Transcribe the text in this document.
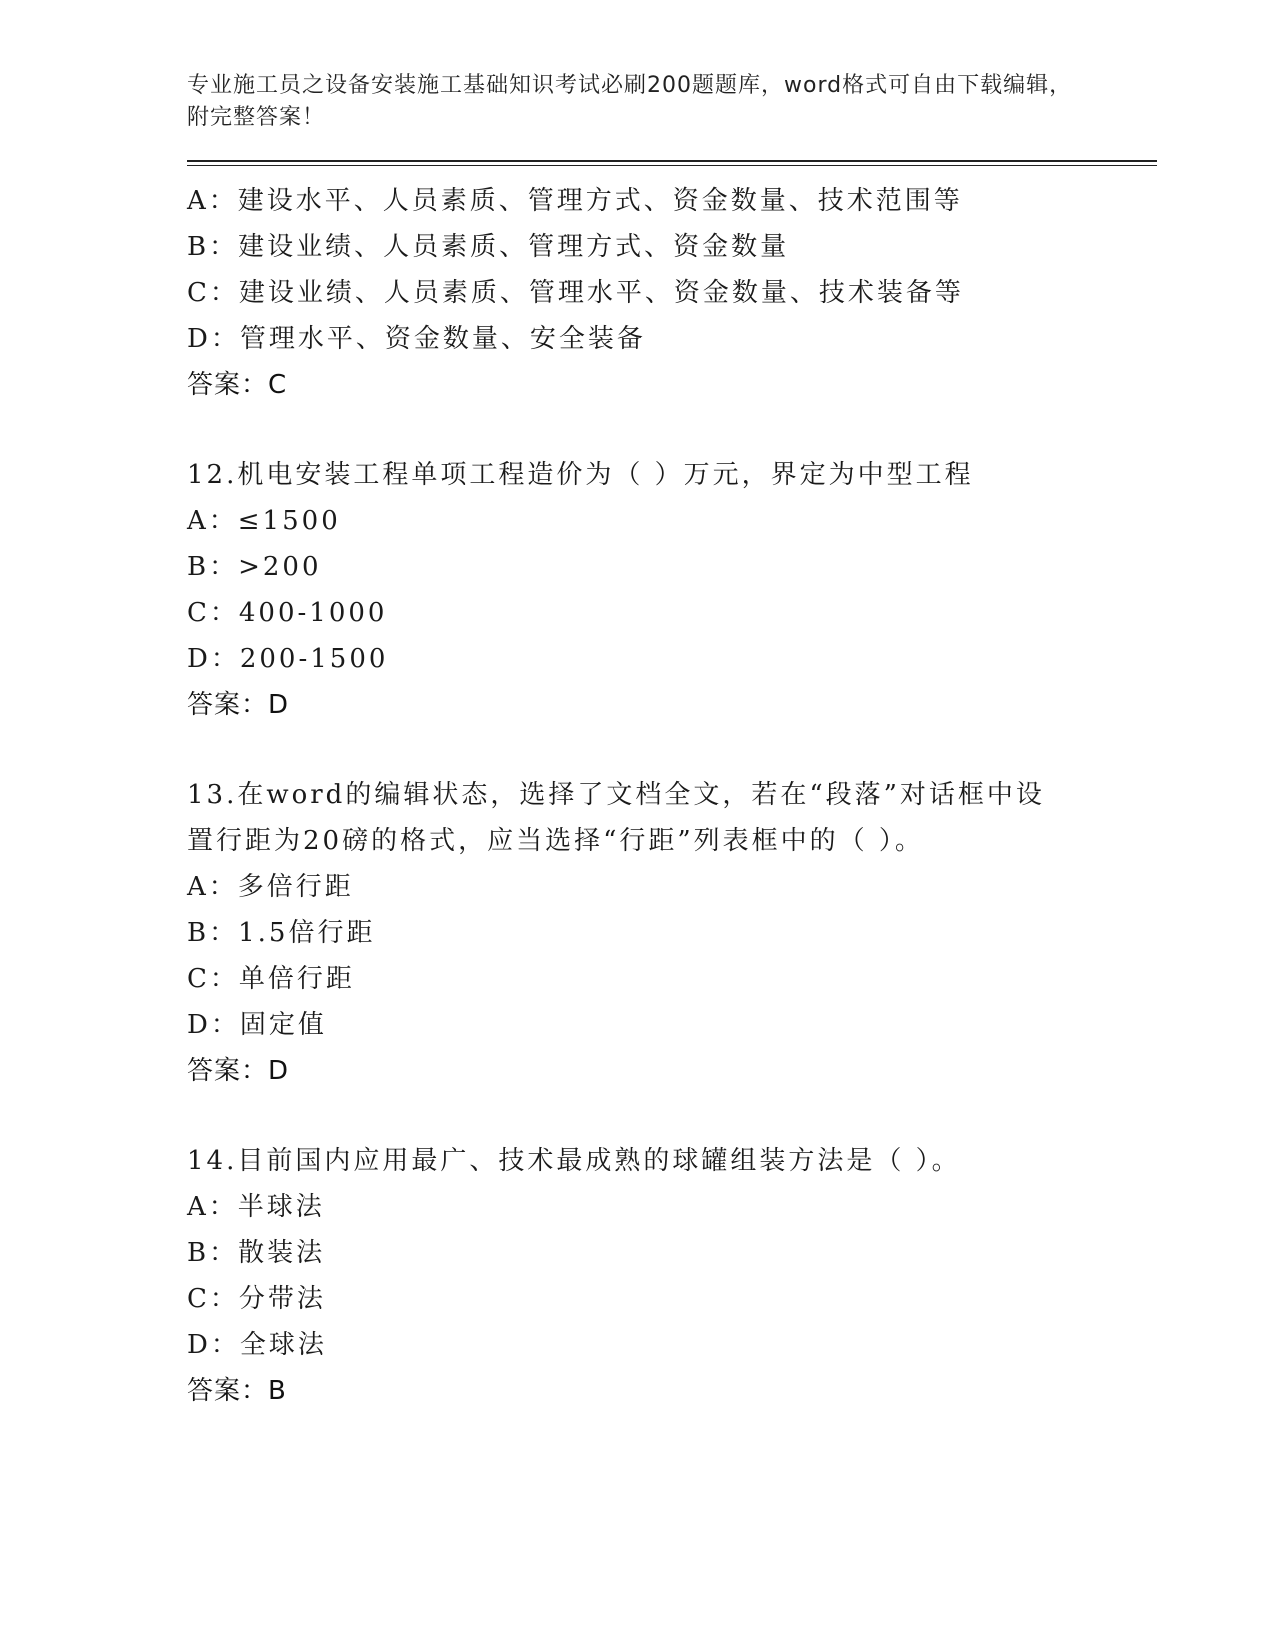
专业施工员之设备安装施工基础知识考试必刷200题题库，word格式可自由下载编辑，附完整答案！
A：建设水平、人员素质、管理方式、资金数量、技术范围等
B：建设业绩、人员素质、管理方式、资金数量
C：建设业绩、人员素质、管理水平、资金数量、技术装备等
D：管理水平、资金数量、安全装备
答案：C
12.机电安装工程单项工程造价为（ ）万元，界定为中型工程
A：≤1500
B：>200
C：400-1000
D：200-1500
答案：D
13.在word的编辑状态，选择了文档全文，若在“段落”对话框中设
置行距为20磅的格式，应当选择“行距”列表框中的（ ）。
A：多倍行距
B：1.5倍行距
C：单倍行距
D：固定值
答案：D
14.目前国内应用最广、技术最成熟的球罐组装方法是（ ）。
A：半球法
B：散装法
C：分带法
D：全球法
答案：B
